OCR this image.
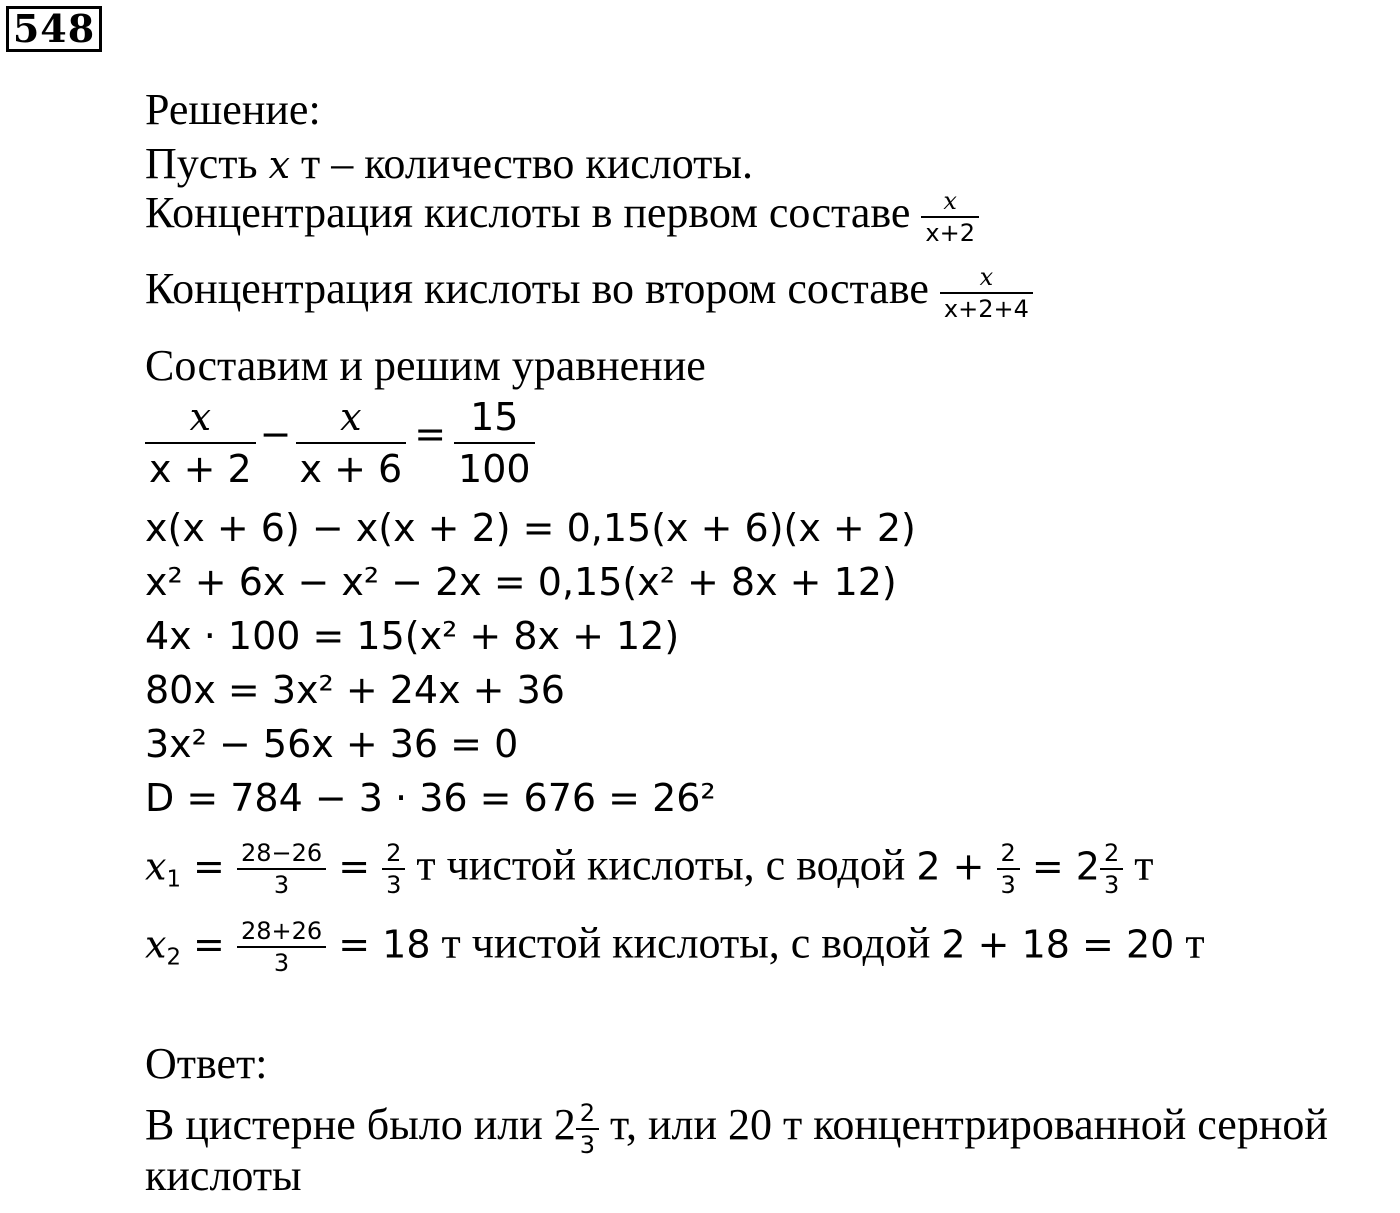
548
Решение:
Пусть x т – количество кислоты.
Концентрация кислоты в первом составе $\frac{x}{x+2}$
Концентрация кислоты во втором составе $\frac{x}{x+2+4}$
Составим и решим уравнение
$\frac{x}{x + 2} - \frac{x}{x + 6} = \frac{15}{100}$
x(x + 6) − x(x + 2) = 0,15(x + 6)(x + 2)
x² + 6x − x² − 2x = 0,15(x² + 8x + 12)
4x · 100 = 15(x² + 8x + 12)
80x = 3x² + 24x + 36
3x² − 56x + 36 = 0
D = 784 − 3 · 36 = 676 = 26²
$x_1 = \frac{28-26}{3} = \frac{2}{3}$ т чистой кислоты, с водой $2 + \frac{2}{3} = 2 \frac{2}{3}$ т
$x_2 = \frac{28+26}{3} = 18$ т чистой кислоты, с водой 2 + 18 = 20 т
Ответ:
В цистерне было или $2 \frac{2}{3} т$, или 20 т концентрированной серной
кислоты
